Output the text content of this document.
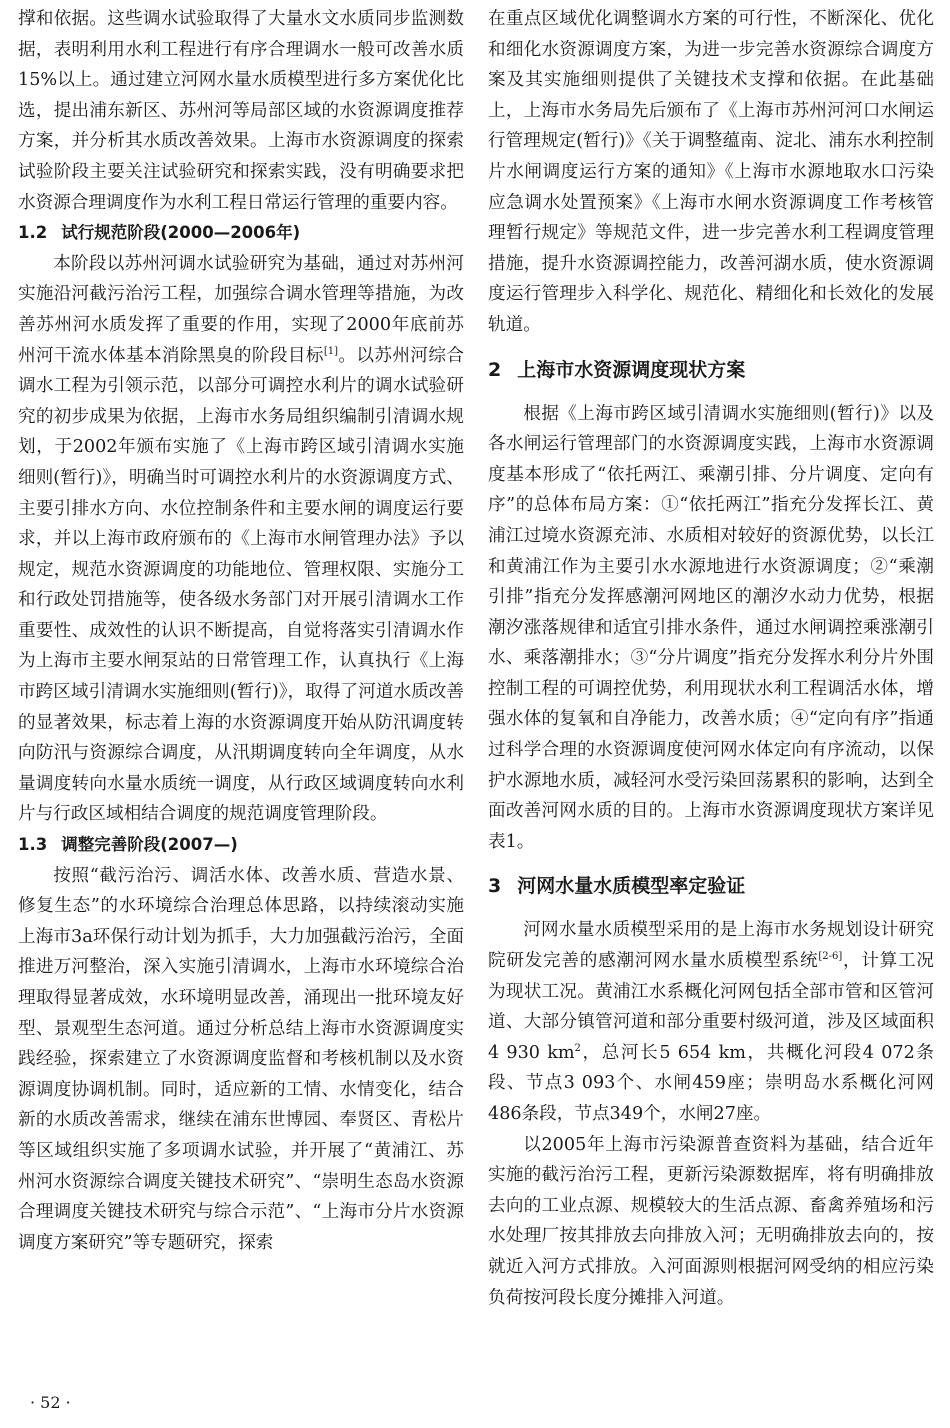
撑和依据。这些调水试验取得了大量水文水质同步监测数据，表明利用水利工程进行有序合理调水一般可改善水质15%以上。通过建立河网水量水质模型进行多方案优化比选，提出浦东新区、苏州河等局部区域的水资源调度推荐方案，并分析其水质改善效果。上海市水资源调度的探索试验阶段主要关注试验研究和探索实践，没有明确要求把水资源合理调度作为水利工程日常运行管理的重要内容。

1.2 试行规范阶段(2000—2006年)

本阶段以苏州河调水试验研究为基础，通过对苏州河实施沿河截污治污工程，加强综合调水管理等措施，为改善苏州河水质发挥了重要的作用，实现了2000年底前苏州河干流水体基本消除黑臭的阶段目标[1]。以苏州河综合调水工程为引领示范，以部分可调控水利片的调水试验研究的初步成果为依据，上海市水务局组织编制引清调水规划，于2002年颁布实施了《上海市跨区域引清调水实施细则(暂行)》，明确当时可调控水利片的水资源调度方式、主要引排水方向、水位控制条件和主要水闸的调度运行要求，并以上海市政府颁布的《上海市水闸管理办法》予以规定，规范水资源调度的功能地位、管理权限、实施分工和行政处罚措施等，使各级水务部门对开展引清调水工作重要性、成效性的认识不断提高，自觉将落实引清调水作为上海市主要水闸泵站的日常管理工作，认真执行《上海市跨区域引清调水实施细则(暂行)》，取得了河道水质改善的显著效果，标志着上海的水资源调度开始从防汛调度转向防汛与资源综合调度，从汛期调度转向全年调度，从水量调度转向水量水质统一调度，从行政区域调度转向水利片与行政区域相结合调度的规范调度管理阶段。

1.3 调整完善阶段(2007—)

按照“截污治污、调活水体、改善水质、营造水景、修复生态”的水环境综合治理总体思路，以持续滚动实施上海市3a环保行动计划为抓手，大力加强截污治污，全面推进万河整治，深入实施引清调水，上海市水环境综合治理取得显著成效，水环境明显改善，涌现出一批环境友好型、景观型生态河道。通过分析总结上海市水资源调度实践经验，探索建立了水资源调度监督和考核机制以及水资源调度协调机制。同时，适应新的工情、水情变化，结合新的水质改善需求，继续在浦东世博园、奉贤区、青松片等区域组织实施了多项调水试验，并开展了“黄浦江、苏州河水资源综合调度关键技术研究”、“崇明生态岛水资源合理调度关键技术研究与综合示范”、“上海市分片水资源调度方案研究”等专题研究，探索

在重点区域优化调整调水方案的可行性，不断深化、优化和细化水资源调度方案，为进一步完善水资源综合调度方案及其实施细则提供了关键技术支撑和依据。在此基础上，上海市水务局先后颁布了《上海市苏州河河口水闸运行管理规定(暂行)》《关于调整蕴南、淀北、浦东水利控制片水闸调度运行方案的通知》《上海市水源地取水口污染应急调水处置预案》《上海市水闸水资源调度工作考核管理暂行规定》等规范文件，进一步完善水利工程调度管理措施，提升水资源调控能力，改善河湖水质，使水资源调度运行管理步入科学化、规范化、精细化和长效化的发展轨道。

2 上海市水资源调度现状方案

根据《上海市跨区域引清调水实施细则(暂行)》以及各水闸运行管理部门的水资源调度实践，上海市水资源调度基本形成了“依托两江、乘潮引排、分片调度、定向有序”的总体布局方案：①“依托两江”指充分发挥长江、黄浦江过境水资源充沛、水质相对较好的资源优势，以长江和黄浦江作为主要引水水源地进行水资源调度；②“乘潮引排”指充分发挥感潮河网地区的潮汐水动力优势，根据潮汐涨落规律和适宜引排水条件，通过水闸调控乘涨潮引水、乘落潮排水；③“分片调度”指充分发挥水利分片外围控制工程的可调控优势，利用现状水利工程调活水体，增强水体的复氧和自净能力，改善水质；④“定向有序”指通过科学合理的水资源调度使河网水体定向有序流动，以保护水源地水质，减轻河水受污染回荡累积的影响，达到全面改善河网水质的目的。上海市水资源调度现状方案详见表1。

3 河网水量水质模型率定验证

河网水量水质模型采用的是上海市水务规划设计研究院研发完善的感潮河网水量水质模型系统[2-6]，计算工况为现状工况。黄浦江水系概化河网包括全部市管和区管河道、大部分镇管河道和部分重要村级河道，涉及区域面积4 930 $km^2$，总河长5 654 km，共概化河段4 072条段、节点3 093个、水闸459座；崇明岛水系概化河网486条段，节点349个，水闸27座。

以2005年上海市污染源普查资料为基础，结合近年实施的截污治污工程，更新污染源数据库，将有明确排放去向的工业点源、规模较大的生活点源、畜禽养殖场和污水处理厂按其排放去向排放入河；无明确排放去向的，按就近入河方式排放。入河面源则根据河网受纳的相应污染负荷按河段长度分摊排入河道。

· 52 ·
